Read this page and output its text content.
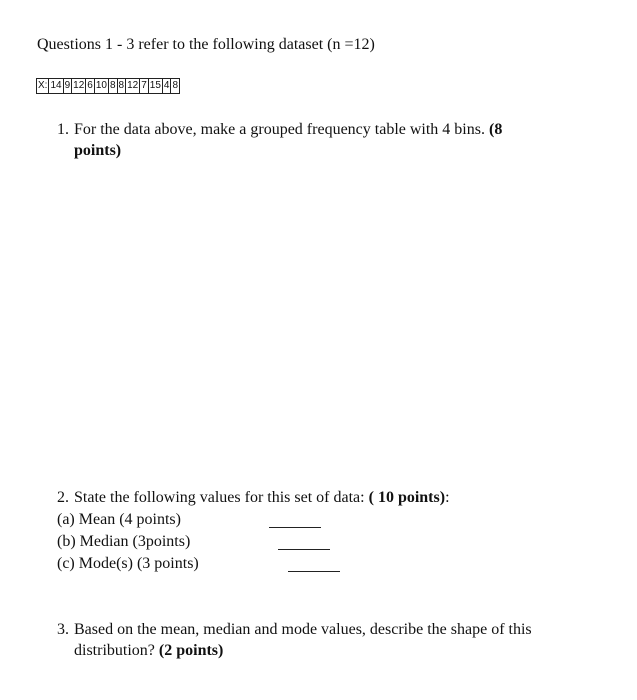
Questions 1 - 3 refer to the following dataset (n =12)
X:	14	9	12	6	10	8	8	12	7	15	4	8
1. For the data above, make a grouped frequency table with 4 bins. (8
points)
2. State the following values for this set of data: ( 10 points):
(a) Mean (4 points)
(b) Median (3points)
(c) Mode(s) (3 points)
3. Based on the mean, median and mode values, describe the shape of this
distribution? (2 points)
